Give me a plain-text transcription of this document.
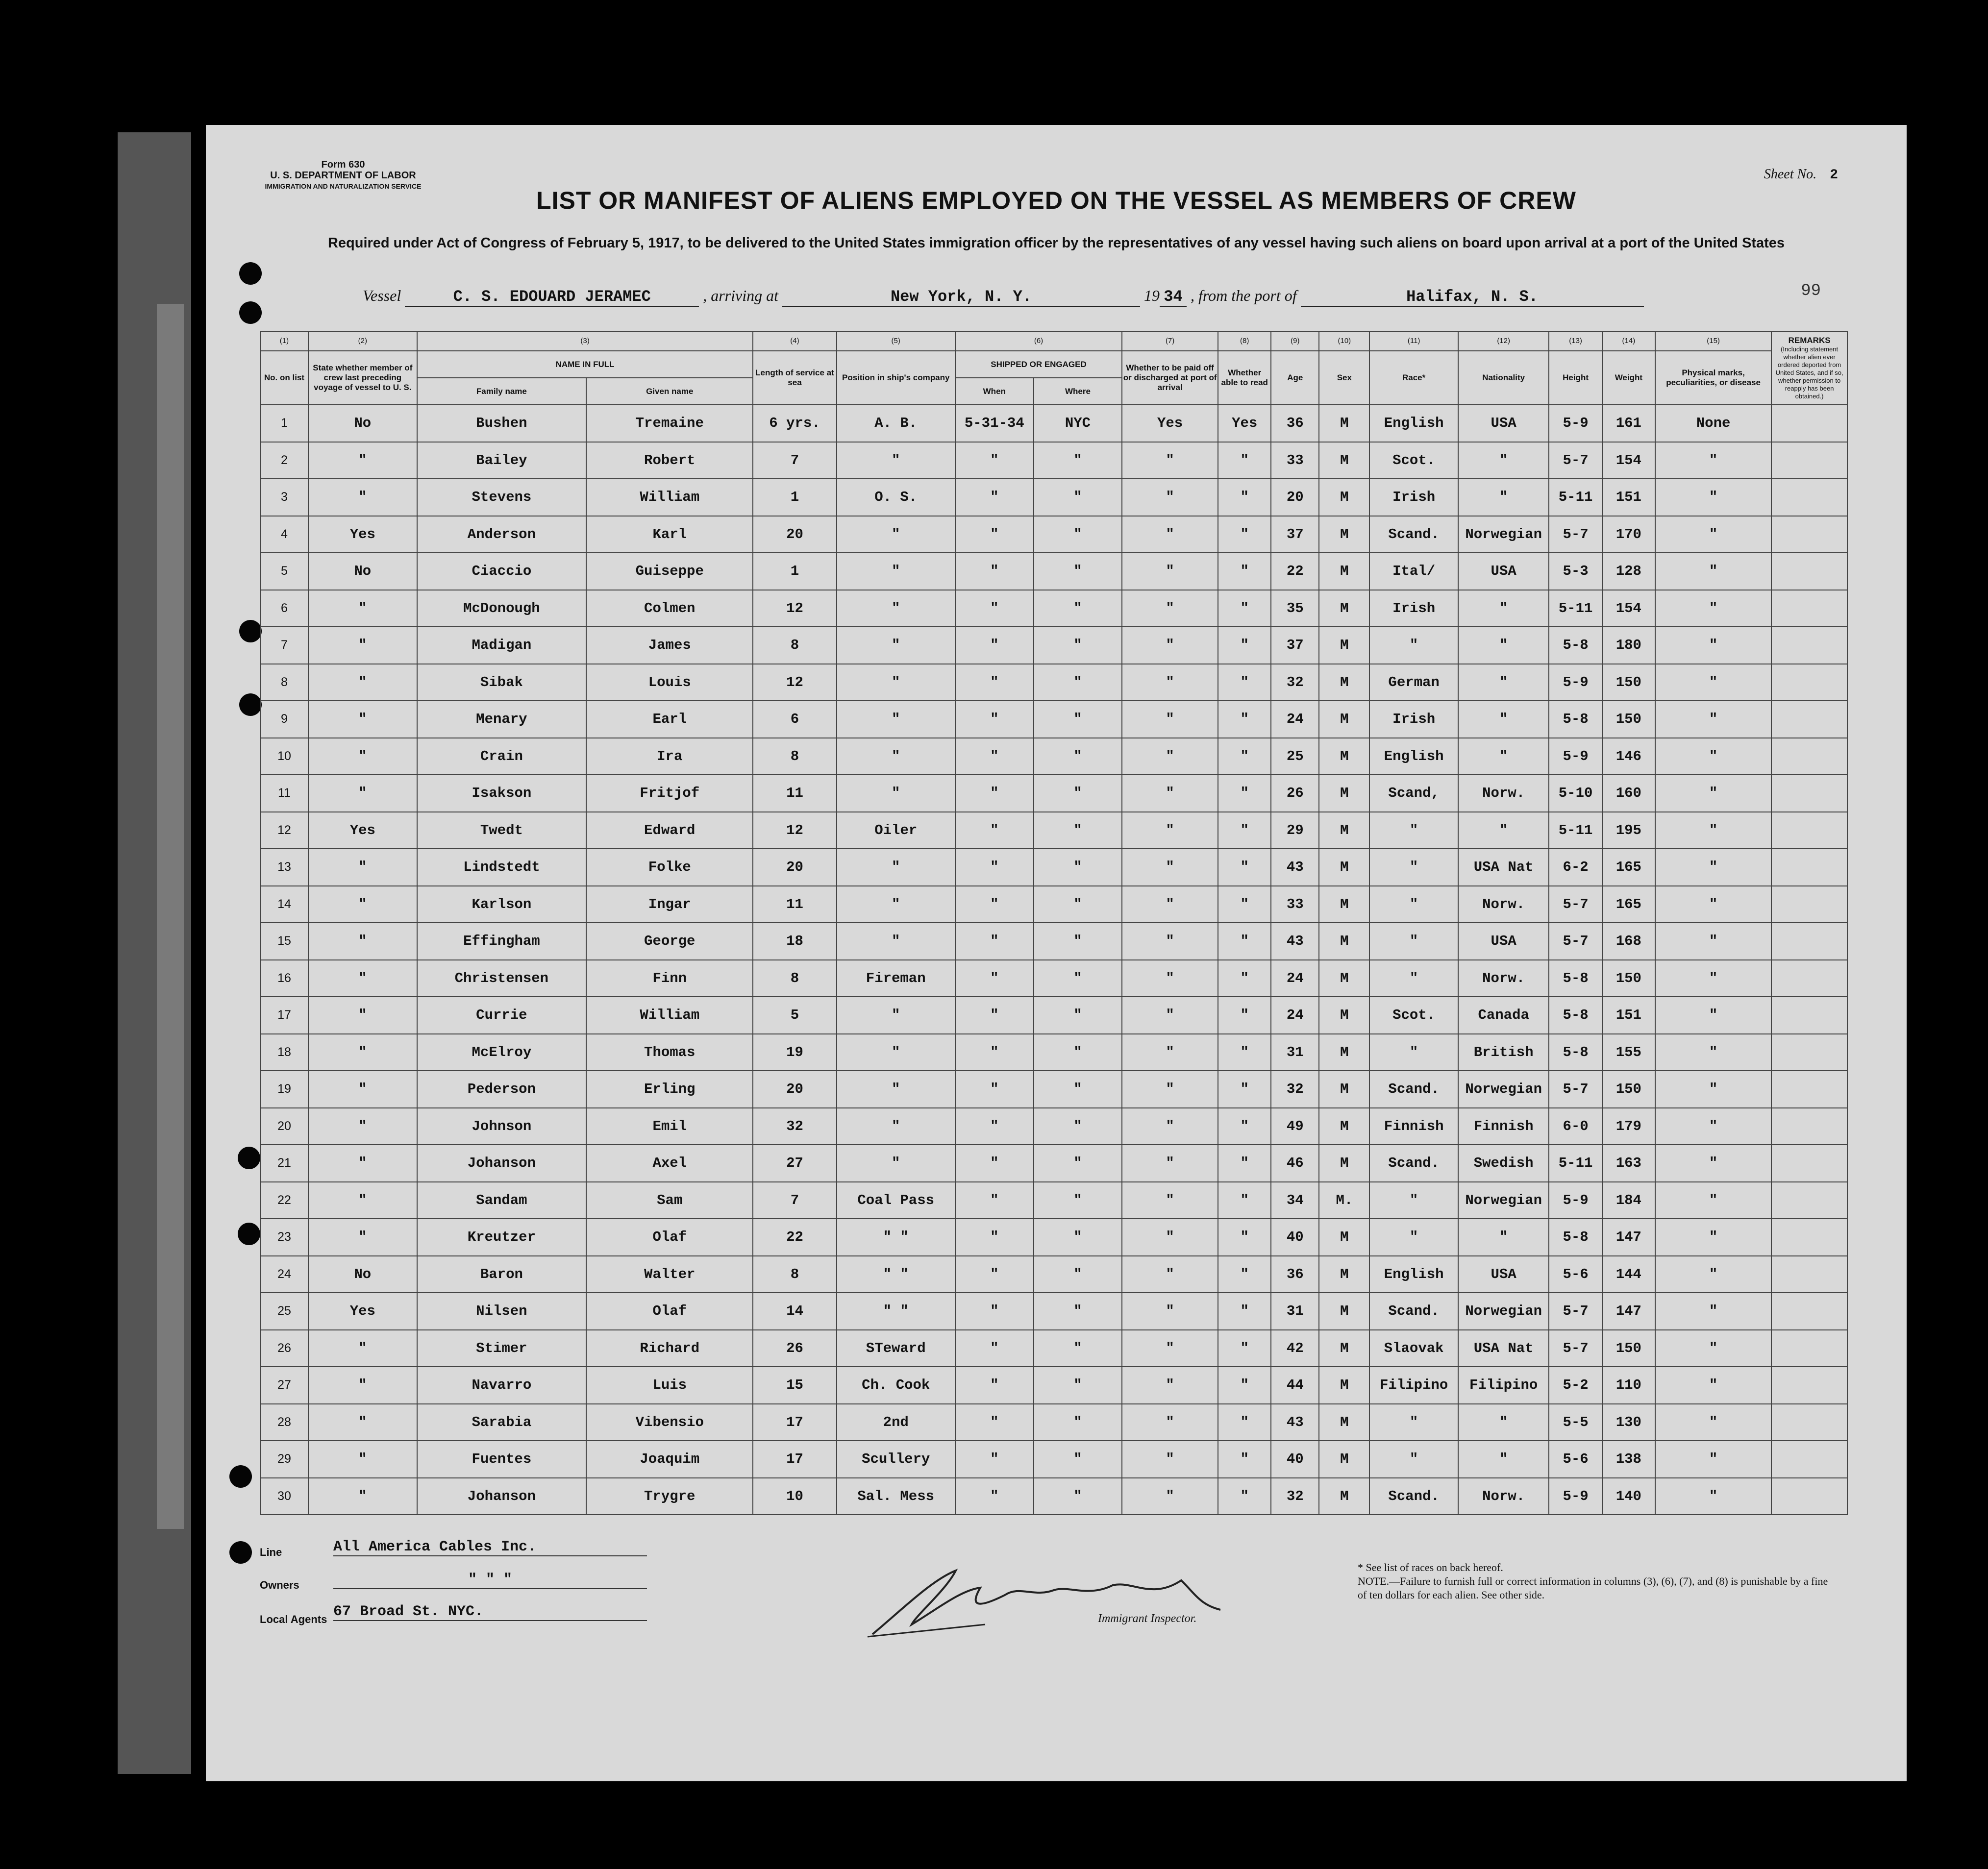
Form 630
U. S. DEPARTMENT OF LABOR
IMMIGRATION AND NATURALIZATION SERVICE
Sheet No. 2
LIST OR MANIFEST OF ALIENS EMPLOYED ON THE VESSEL AS MEMBERS OF CREW
Required under Act of Congress of February 5, 1917, to be delivered to the United States immigration officer by the representatives of any vessel having such aliens on board upon arrival at a port of the United States
Vessel	C. S. EDOUARD JERAMEC	, arriving at	New York, N. Y.	19 34 , from the port of	Halifax, N. S.	99
(1)	(2)	(3)		(4)	(5)	(6)		(7)	(8)	(9)	(10)	(11)	(12)	(13)	(14)	(15)	REMARKS
(Including statement whether alien ever ordered deported from United States, and if so, whether permission to reapply has been obtained.)

No. on list	State whether member of crew last preceding voyage of vessel to U. S.	NAME IN FULL		Length of service at sea	Position in ship's company	SHIPPED OR ENGAGED		Whether to be paid off or discharged at port of arrival	Whether able to read	Age	Sex	Race*	Nationality	Height	Weight	Physical marks, peculiarities, or disease	
		Family name	Given name			When	Where										
1	No	Bushen	Tremaine	6 yrs.	A. B.	5-31-34	NYC	Yes	Yes	36	M	English	USA	5-9	161	None	
2	"	Bailey	Robert	7	"	"	"	"	"	33	M	Scot.	"	5-7	154	"	
3	"	Stevens	William	1	O. S.	"	"	"	"	20	M	Irish	"	5-11	151	"	
4	Yes	Anderson	Karl	20	"	"	"	"	"	37	M	Scand.	Norwegian	5-7	170	"	
5	No	Ciaccio	Guiseppe	1	"	"	"	"	"	22	M	Ital/	USA	5-3	128	"	
6	"	McDonough	Colmen	12	"	"	"	"	"	35	M	Irish	"	5-11	154	"	
7	"	Madigan	James	8	"	"	"	"	"	37	M	"	"	5-8	180	"	
8	"	Sibak	Louis	12	"	"	"	"	"	32	M	German	"	5-9	150	"	
9	"	Menary	Earl	6	"	"	"	"	"	24	M	Irish	"	5-8	150	"	
10	"	Crain	Ira	8	"	"	"	"	"	25	M	English	"	5-9	146	"	
11	"	Isakson	Fritjof	11	"	"	"	"	"	26	M	Scand,	Norw.	5-10	160	"	
12	Yes	Twedt	Edward	12	Oiler	"	"	"	"	29	M	"	"	5-11	195	"	
13	"	Lindstedt	Folke	20	"	"	"	"	"	43	M	"	USA Nat	6-2	165	"	
14	"	Karlson	Ingar	11	"	"	"	"	"	33	M	"	Norw.	5-7	165	"	
15	"	Effingham	George	18	"	"	"	"	"	43	M	"	USA	5-7	168	"	
16	"	Christensen	Finn	8	Fireman	"	"	"	"	24	M	"	Norw.	5-8	150	"	
17	"	Currie	William	5	"	"	"	"	"	24	M	Scot.	Canada	5-8	151	"	
18	"	McElroy	Thomas	19	"	"	"	"	"	31	M	"	British	5-8	155	"	
19	"	Pederson	Erling	20	"	"	"	"	"	32	M	Scand.	Norwegian	5-7	150	"	
20	"	Johnson	Emil	32	"	"	"	"	"	49	M	Finnish	Finnish	6-0	179	"	
21	"	Johanson	Axel	27	"	"	"	"	"	46	M	Scand.	Swedish	5-11	163	"	
22	"	Sandam	Sam	7	Coal Pass	"	"	"	"	34	M.	"	Norwegian	5-9	184	"	
23	"	Kreutzer	Olaf	22	" "	"	"	"	"	40	M	"	"	5-8	147	"	
24	No	Baron	Walter	8	" "	"	"	"	"	36	M	English	USA	5-6	144	"	
25	Yes	Nilsen	Olaf	14	" "	"	"	"	"	31	M	Scand.	Norwegian	5-7	147	"	
26	"	Stimer	Richard	26	STeward	"	"	"	"	42	M	Slaovak	USA Nat	5-7	150	"	
27	"	Navarro	Luis	15	Ch. Cook	"	"	"	"	44	M	Filipino	Filipino	5-2	110	"	
28	"	Sarabia	Vibensio	17	2nd	"	"	"	"	43	M	"	"	5-5	130	"	
29	"	Fuentes	Joaquim	17	Scullery	"	"	"	"	40	M	"	"	5-6	138	"	
30	"	Johanson	Trygre	10	Sal. Mess	"	"	"	"	32	M	Scand.	Norw.	5-9	140	"	
Line	All America Cables Inc.
Owners	" " "
Local Agents 67 Broad St. NYC.	Immigrant Inspector.
* See list of races on back hereof.
NOTE.—Failure to furnish full or correct information in columns (3), (6), (7), and (8) is punishable by a fine of ten dollars for each alien. See other side.
